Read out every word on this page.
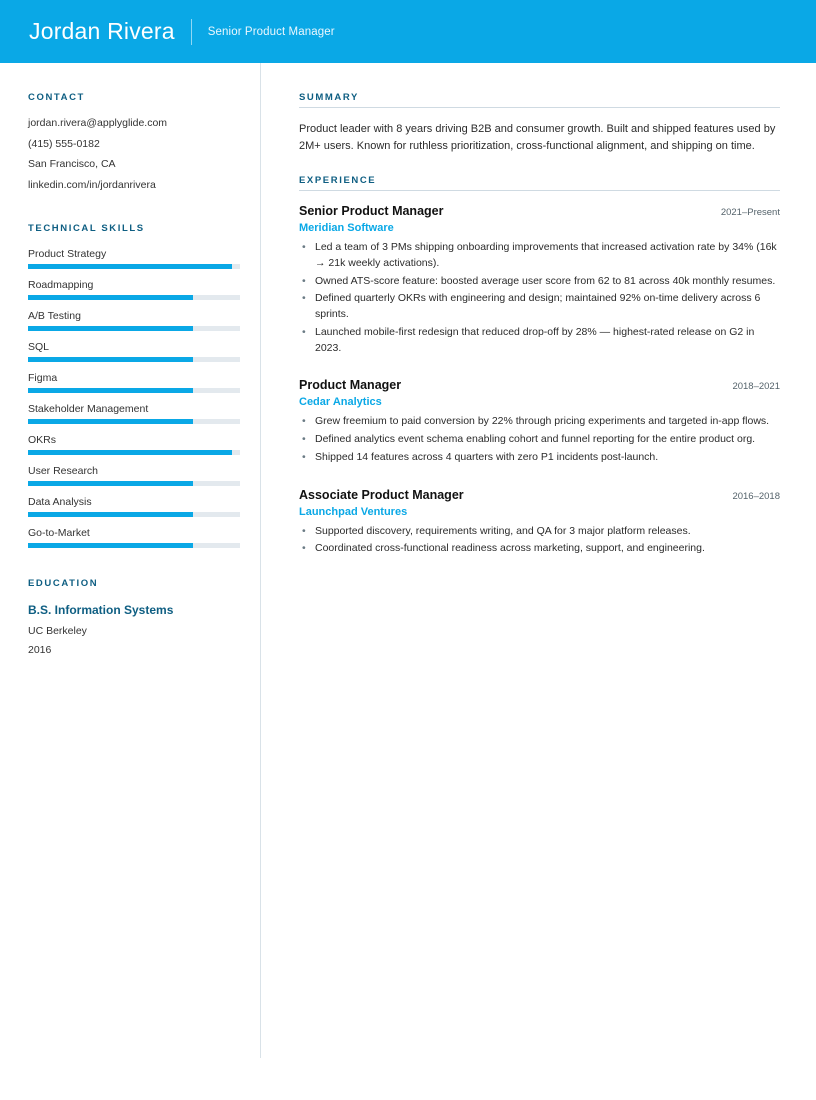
Jordan Rivera	Senior Product Manager
CONTACT
jordan.rivera@applyglide.com
(415) 555-0182
San Francisco, CA
linkedin.com/in/jordanrivera
TECHNICAL SKILLS
Product Strategy
Roadmapping
A/B Testing
SQL
Figma
Stakeholder Management
OKRs
User Research
Data Analysis
Go-to-Market
EDUCATION
B.S. Information Systems
UC Berkeley
2016
SUMMARY
Product leader with 8 years driving B2B and consumer growth. Built and shipped features used by 2M+ users. Known for ruthless prioritization, cross-functional alignment, and shipping on time.
EXPERIENCE
Senior Product Manager	2021–Present
Meridian Software
• Led a team of 3 PMs shipping onboarding improvements that increased activation rate by 34% (16k → 21k weekly activations).
• Owned ATS-score feature: boosted average user score from 62 to 81 across 40k monthly resumes.
• Defined quarterly OKRs with engineering and design; maintained 92% on-time delivery across 6 sprints.
• Launched mobile-first redesign that reduced drop-off by 28% — highest-rated release on G2 in 2023.
Product Manager	2018–2021
Cedar Analytics
• Grew freemium to paid conversion by 22% through pricing experiments and targeted in-app flows.
• Defined analytics event schema enabling cohort and funnel reporting for the entire product org.
• Shipped 14 features across 4 quarters with zero P1 incidents post-launch.
Associate Product Manager	2016–2018
Launchpad Ventures
• Supported discovery, requirements writing, and QA for 3 major platform releases.
• Coordinated cross-functional readiness across marketing, support, and engineering.
